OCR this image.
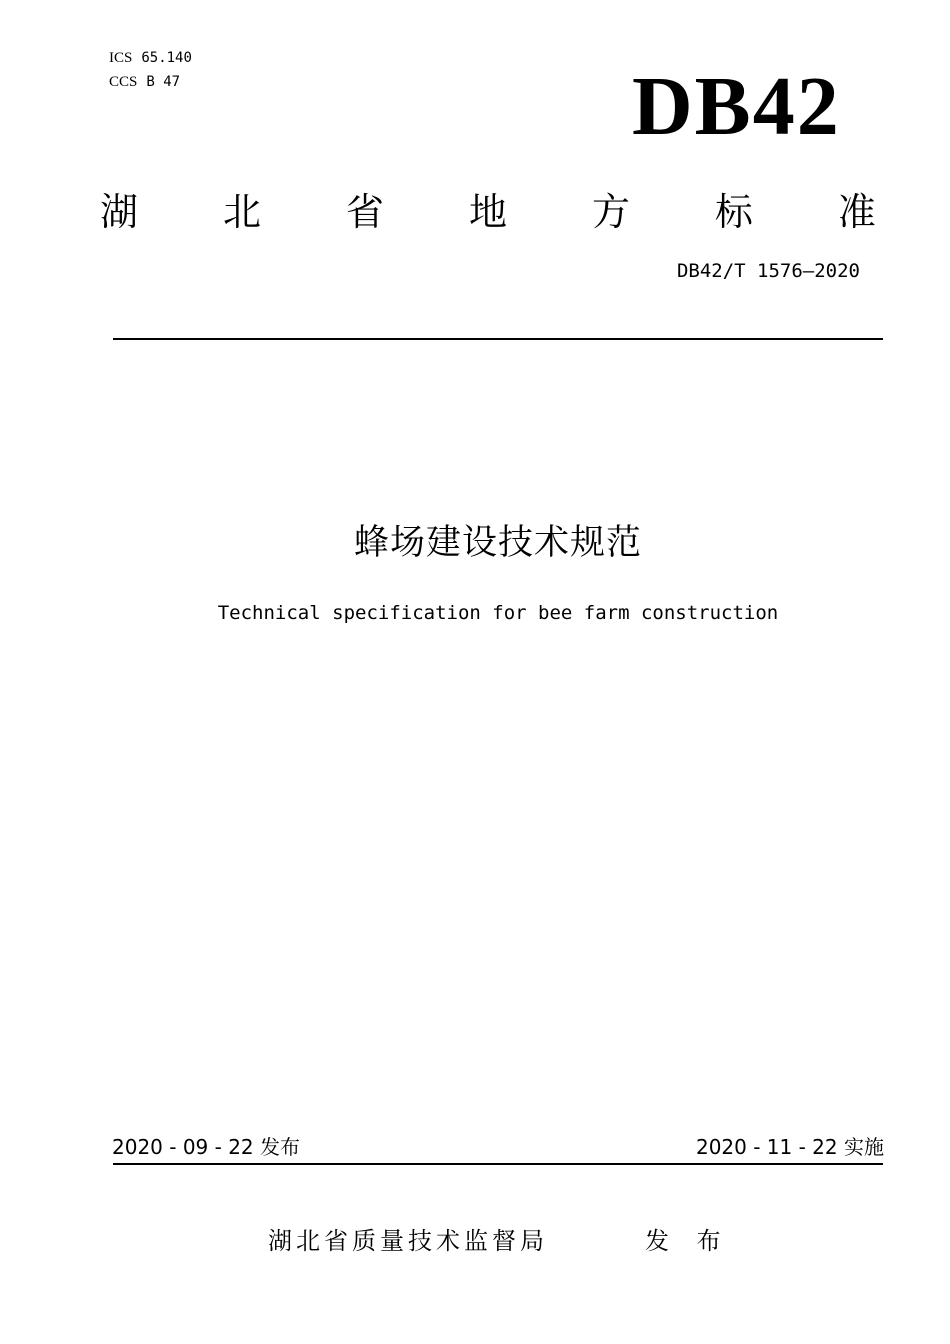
ICS 65.140
CCS B 47	DB42
湖 北 省 地 方 标 准
DB42/T 1576—2020
蜂场建设技术规范
Technical specification for bee farm construction
2020 - 09 - 22 发布	2020 - 11 - 22 实施
湖北省质量技术监督局	发 布
